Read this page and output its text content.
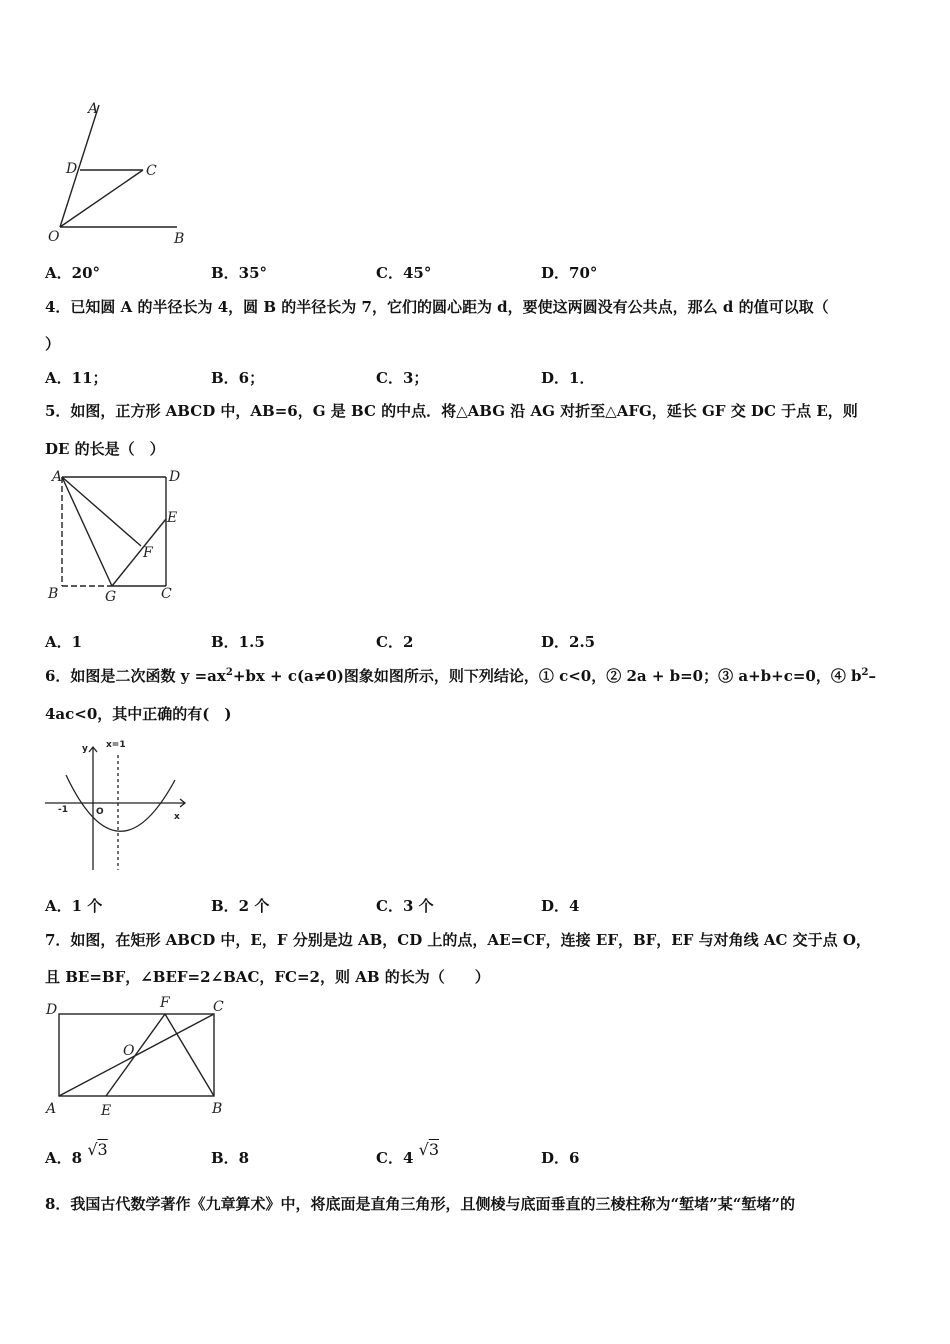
A
D	C
O	B
A．20°	B．35°	C．45°	D．70°
4．已知圆 A 的半径长为 4，圆 B 的半径长为 7，它们的圆心距为 d，要使这两圆没有公共点，那么 d 的值可以取（
）
A．11；	B．6；	C．3；	D．1．
5．如图，正方形 ABCD 中，AB=6，G 是 BC 的中点．将△ABG 沿 AG 对折至△AFG，延长 GF 交 DC 于点 E，则
DE 的长是（　）
A	D
E
F
B	G	C
A．1	B．1.5	C．2	D．2.5
6．如图是二次函数 $y =ax^2+bx + c(a\ne 0)$图象如图所示，则下列结论，① c<0，② 2a + b=0；③ a+b+c=0，④ $b^2-$
4ac<0，其中正确的有(　)
y x=1
-1	O	x
A．1 个	B．2 个	C．3 个	D．4
7．如图，在矩形 ABCD 中，E，F 分别是边 AB，CD 上的点，AE=CF，连接 EF，BF，EF 与对角线 AC 交于点 O，
且 BE=BF，∠BEF=2∠BAC，FC=2，则 AB 的长为（　　）
D	F	C
O
A	E	B
A．8 √3	B．8	C．4 √3	D．6
8．我国古代数学著作《九章算术》中，将底面是直角三角形，且侧棱与底面垂直的三棱柱称为“堑堵”某“堑堵”的
